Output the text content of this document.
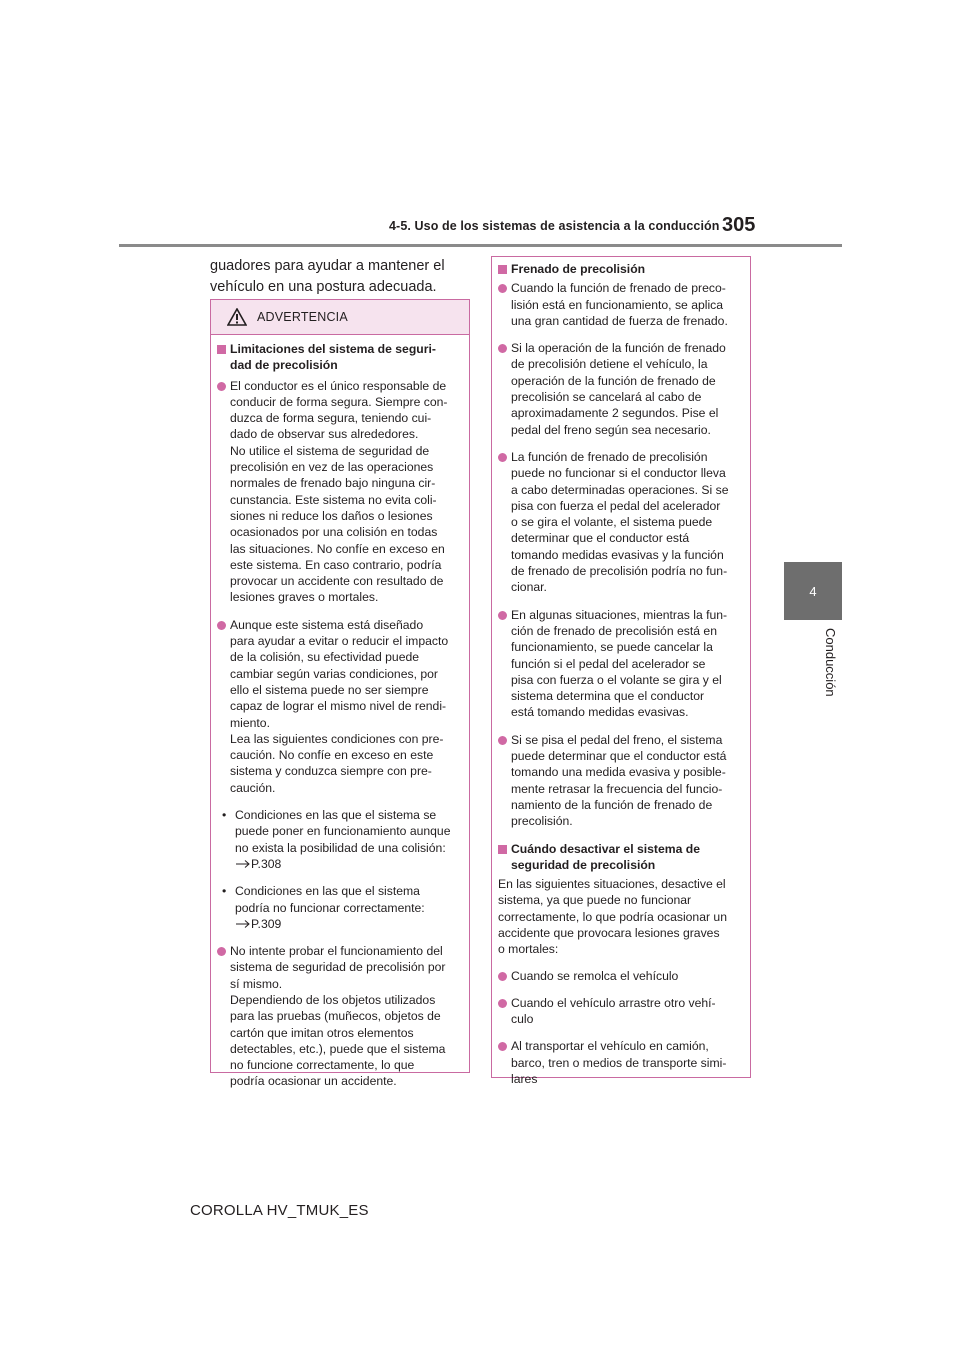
4-5. Uso de los sistemas de asistencia a la conducción 305
4
Conducción
guadores para ayudar a mantener el vehículo en una postura adecuada.
ADVERTENCIA
Limitaciones del sistema de seguri-
dad de precolisión
El conductor es el único responsable de
conducir de forma segura. Siempre con-
duzca de forma segura, teniendo cui-
dado de observar sus alrededores.
No utilice el sistema de seguridad de
precolisión en vez de las operaciones
normales de frenado bajo ninguna cir-
cunstancia. Este sistema no evita coli-
siones ni reduce los daños o lesiones
ocasionados por una colisión en todas
las situaciones. No confíe en exceso en
este sistema. En caso contrario, podría
provocar un accidente con resultado de
lesiones graves o mortales.
Aunque este sistema está diseñado
para ayudar a evitar o reducir el impacto
de la colisión, su efectividad puede
cambiar según varias condiciones, por
ello el sistema puede no ser siempre
capaz de lograr el mismo nivel de rendi-
miento.
Lea las siguientes condiciones con pre-
caución. No confíe en exceso en este
sistema y conduzca siempre con pre-
caución.
• Condiciones en las que el sistema se
puede poner en funcionamiento aunque
no exista la posibilidad de una colisión:
P.308
• Condiciones en las que el sistema
podría no funcionar correctamente:
P.309
No intente probar el funcionamiento del
sistema de seguridad de precolisión por
sí mismo.
Dependiendo de los objetos utilizados
para las pruebas (muñecos, objetos de
cartón que imitan otros elementos
detectables, etc.), puede que el sistema
no funcione correctamente, lo que
podría ocasionar un accidente.
Frenado de precolisión
Cuando la función de frenado de preco-
lisión está en funcionamiento, se aplica
una gran cantidad de fuerza de frenado.
Si la operación de la función de frenado
de precolisión detiene el vehículo, la
operación de la función de frenado de
precolisión se cancelará al cabo de
aproximadamente 2 segundos. Pise el
pedal del freno según sea necesario.
La función de frenado de precolisión
puede no funcionar si el conductor lleva
a cabo determinadas operaciones. Si se
pisa con fuerza el pedal del acelerador
o se gira el volante, el sistema puede
determinar que el conductor está
tomando medidas evasivas y la función
de frenado de precolisión podría no fun-
cionar.
En algunas situaciones, mientras la fun-
ción de frenado de precolisión está en
funcionamiento, se puede cancelar la
función si el pedal del acelerador se
pisa con fuerza o el volante se gira y el
sistema determina que el conductor
está tomando medidas evasivas.
Si se pisa el pedal del freno, el sistema
puede determinar que el conductor está
tomando una medida evasiva y posible-
mente retrasar la frecuencia del funcio-
namiento de la función de frenado de
precolisión.
Cuándo desactivar el sistema de
seguridad de precolisión
En las siguientes situaciones, desactive el
sistema, ya que puede no funcionar
correctamente, lo que podría ocasionar un
accidente que provocara lesiones graves
o mortales:
Cuando se remolca el vehículo
Cuando el vehículo arrastre otro vehí-
culo
Al transportar el vehículo en camión,
barco, tren o medios de transporte simi-
lares
COROLLA HV_TMUK_ES
